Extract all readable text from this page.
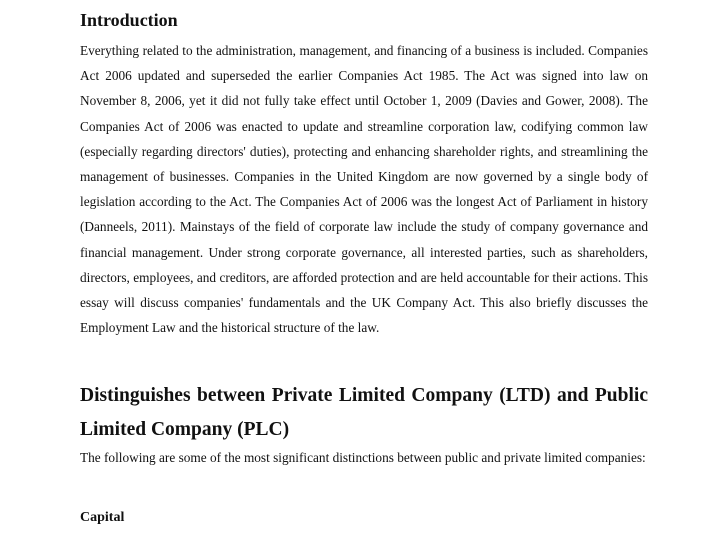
Introduction

Everything related to the administration, management, and financing of a business is included. Companies Act 2006 updated and superseded the earlier Companies Act 1985. The Act was signed into law on November 8, 2006, yet it did not fully take effect until October 1, 2009 (Davies and Gower, 2008). The Companies Act of 2006 was enacted to update and streamline corporation law, codifying common law (especially regarding directors' duties), protecting and enhancing shareholder rights, and streamlining the management of businesses. Companies in the United Kingdom are now governed by a single body of legislation according to the Act. The Companies Act of 2006 was the longest Act of Parliament in history (Danneels, 2011). Mainstays of the field of corporate law include the study of company governance and financial management. Under strong corporate governance, all interested parties, such as shareholders, directors, employees, and creditors, are afforded protection and are held accountable for their actions. This essay will discuss companies' fundamentals and the UK Company Act. This also briefly discusses the Employment Law and the historical structure of the law.

Distinguishes between Private Limited Company (LTD) and Public Limited Company (PLC)

The following are some of the most significant distinctions between public and private limited companies:

Capital
